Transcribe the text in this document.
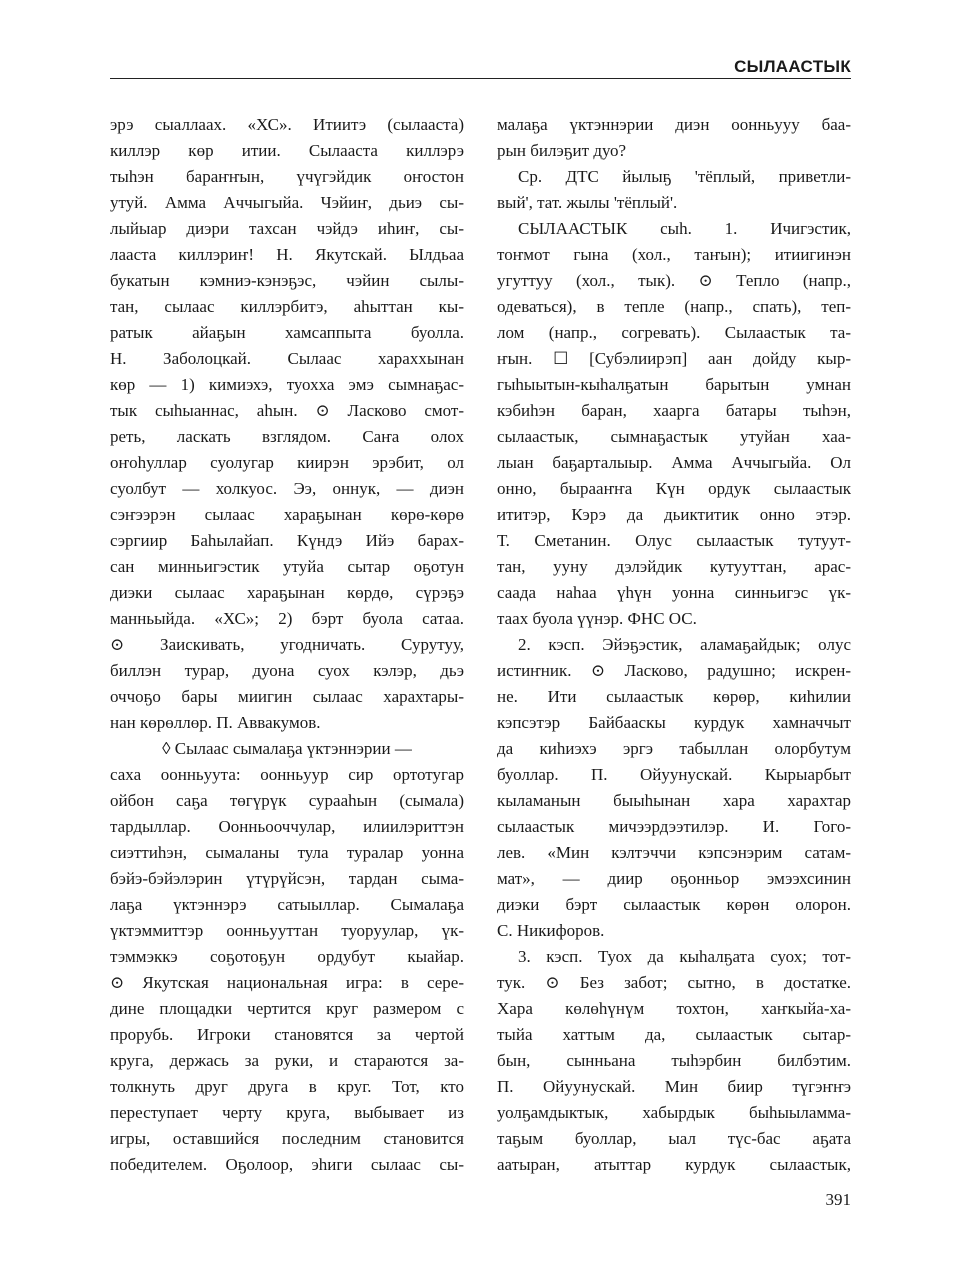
СЫЛААСТЫК
эрэ сыаллаах. «ХС». Итиитэ (сылааста)
киллэр көр итии. Сылааста киллэрэ
тыһэн бараҥҥын, үчүгэйдик оҥостон
утуй. Амма Аччыгыйа. Чэйиҥ, дьиэ сы-
лыйыар диэри тахсан чэйдэ иһиҥ, сы-
лааста киллэриҥ! Н. Якутскай. Ылдьаа
букатын кэмниэ-кэнэҕэс, чэйин сылы-
тан, сылаас киллэрбитэ, аһыттан кы-
ратык айаҕын хамсаппыта буолла.
Н. Заболоцкай. Сылаас хараххынан
көр — 1) кимиэхэ, туохха эмэ сымнаҕас-
тык сыһыаннас, аһын. ⊙ Ласково смот-
реть, ласкать взглядом. Саҥа олох
оҥоһуллар суолугар киирэн эрэбит, ол
суолбут — холкуос. Ээ, оннук, — диэн
сэҥээрэн сылаас хараҕынан көрө-көрө
сэргиир Баһылайап. Күндэ Ийэ барах-
сан минньигэстик утуйа сытар оҕотун
диэки сылаас хараҕынан көрдө, сүрэҕэ
манньыйда. «ХС»; 2) бэрт буола сатаа.
⊙ Заискивать, угодничать. Сурутуу,
биллэн турар, дуона суох кэлэр, дьэ
оччоҕо бары миигин сылаас харахтары-
нан көрөллөр. П. Аввакумов.
◊ Сылаас сымалаҕа үктэннэрии —
саха оонньуута: оонньуур сир ортотугар
ойбон саҕа төгүрүк сурааһын (сымала)
тардыллар. Оонньооччулар, илиилэриттэн
сиэттиһэн, сымаланы тула туралар уонна
бэйэ-бэйэлэрин үтүрүйсэн, тардан сыма-
лаҕа үктэннэрэ сатыыллар. Сымалаҕа
үктэммиттэр оонньууттан туоруулар, үк-
тэммэккэ соҕотоҕун ордубут кыайар.
⊙ Якутская национальная игра: в сере-
дине площадки чертится круг размером с
прорубь. Игроки становятся за чертой
круга, держась за руки, и стараются за-
толкнуть друг друга в круг. Тот, кто
переступает черту круга, выбывает из
игры, оставшийся последним становится
победителем. Оҕолоор, эһиги сылаас сы-
малаҕа үктэннэрии диэн оонньууу баа-
рын билэҕит дуо?
Ср. ДТС йылыҕ 'тёплый, приветли-
вый', тат. жылы 'тёплый'.
СЫЛААСТЫК сыһ. 1. Ичигэстик,
тоҥмот гына (хол., таҥын); итиигинэн
угуттуу (хол., тык). ⊙ Тепло (напр.,
одеваться), в тепле (напр., спать), теп-
лом (напр., согревать). Сылаастык та-
ҥын. ☐ [Субэлиирэп] аан дойду кыр-
гыһыытын-кыһалҕатын барытын умнан
кэбиһэн баран, хаарга батары тыһэн,
сылаастык, сымнаҕастык утуйан хаа-
лыан баҕарталыыр. Амма Аччыгыйа. Ол
онно, бырааҥҥа Күн ордук сылаастык
ититэр, Кэрэ да дьиктитик онно этэр.
Т. Сметанин. Олус сылаастык тутуут-
тан, ууну дэлэйдик кутууттан, арас-
саада наһаа үһүн уонна синньигэс үк-
таах буола үүнэр. ФНС ОС.
2. кэсп. Эйэҕэстик, аламаҕайдык; олус
истиҥник. ⊙ Ласково, радушно; искрен-
не. Ити сылаастык көрөр, киһилии
кэпсэтэр Байбааскы курдук хамначчыт
да киһиэхэ эргэ табыллан олорбутум
буоллар. П. Ойуунускай. Кырыарбыт
кыламанын быыһынан хара харахтар
сылаастык мичээрдээтилэр. И. Гого-
лев. «Мин кэлтэччи кэпсэнэрим сатам-
мат», — диир оҕонньор эмээхсинин
диэки бэрт сылаастык көрөн олорон.
С. Никифоров.
3. кэсп. Туох да кыһалҕата суох; тот-
тук. ⊙ Без забот; сытно, в достатке.
Хара көлөһүнүм тохтон, хаҥкыйа-ха-
тыйа хаттым да, сылаастык сытар-
бын, сынньана тыһэрбин билбэтим.
П. Ойуунускай. Мин биир түгэҥҥэ
уолҕамдыктык, хабырдык быһыыламма-
таҕым буоллар, ыал түс-бас аҕата
аатыран, атыттар курдук сылаастык,
391
